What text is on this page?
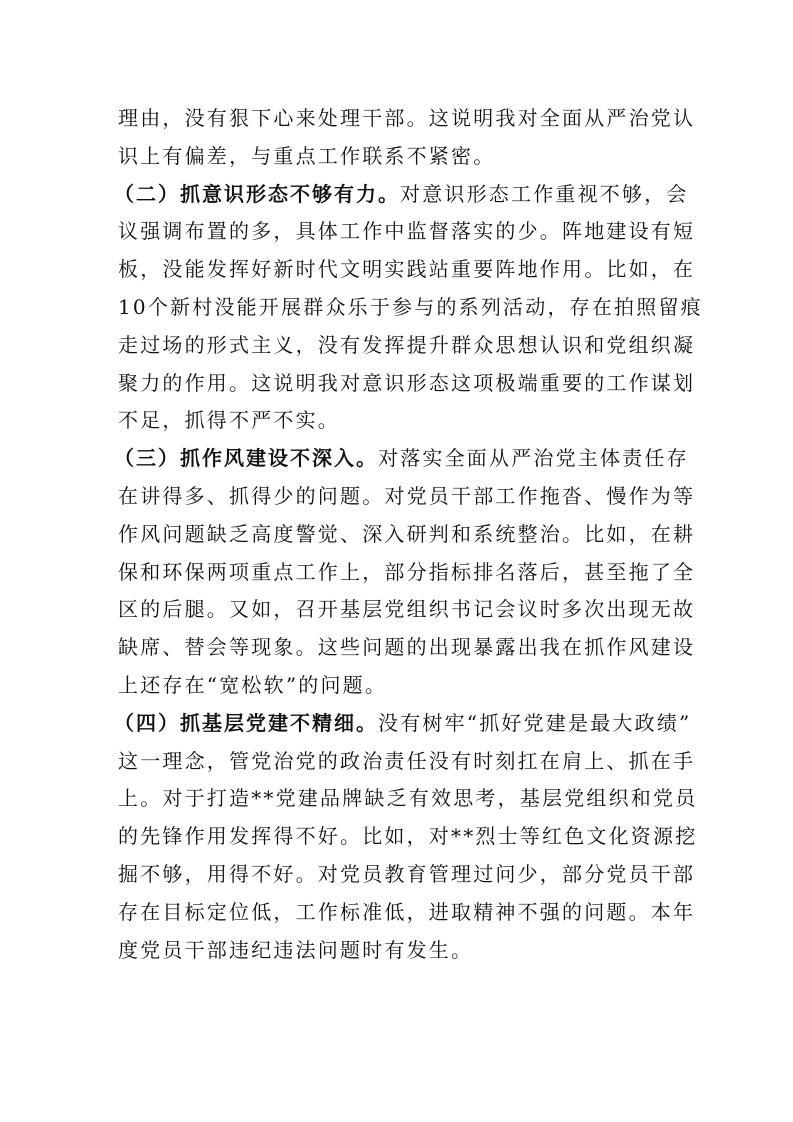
理由，没有狠下心来处理干部。这说明我对全面从严治党认
识上有偏差，与重点工作联系不紧密。
（二）抓意识形态不够有力。对意识形态工作重视不够，会
议强调布置的多，具体工作中监督落实的少。阵地建设有短
板，没能发挥好新时代文明实践站重要阵地作用。比如，在
10个新村没能开展群众乐于参与的系列活动，存在拍照留痕
走过场的形式主义，没有发挥提升群众思想认识和党组织凝
聚力的作用。这说明我对意识形态这项极端重要的工作谋划
不足，抓得不严不实。
（三）抓作风建设不深入。对落实全面从严治党主体责任存
在讲得多、抓得少的问题。对党员干部工作拖沓、慢作为等
作风问题缺乏高度警觉、深入研判和系统整治。比如，在耕
保和环保两项重点工作上，部分指标排名落后，甚至拖了全
区的后腿。又如，召开基层党组织书记会议时多次出现无故
缺席、替会等现象。这些问题的出现暴露出我在抓作风建设
上还存在“宽松软”的问题。
（四）抓基层党建不精细。没有树牢“抓好党建是最大政绩”
这一理念，管党治党的政治责任没有时刻扛在肩上、抓在手
上。对于打造**党建品牌缺乏有效思考，基层党组织和党员
的先锋作用发挥得不好。比如，对**烈士等红色文化资源挖
掘不够，用得不好。对党员教育管理过问少，部分党员干部
存在目标定位低，工作标准低，进取精神不强的问题。本年
度党员干部违纪违法问题时有发生。
